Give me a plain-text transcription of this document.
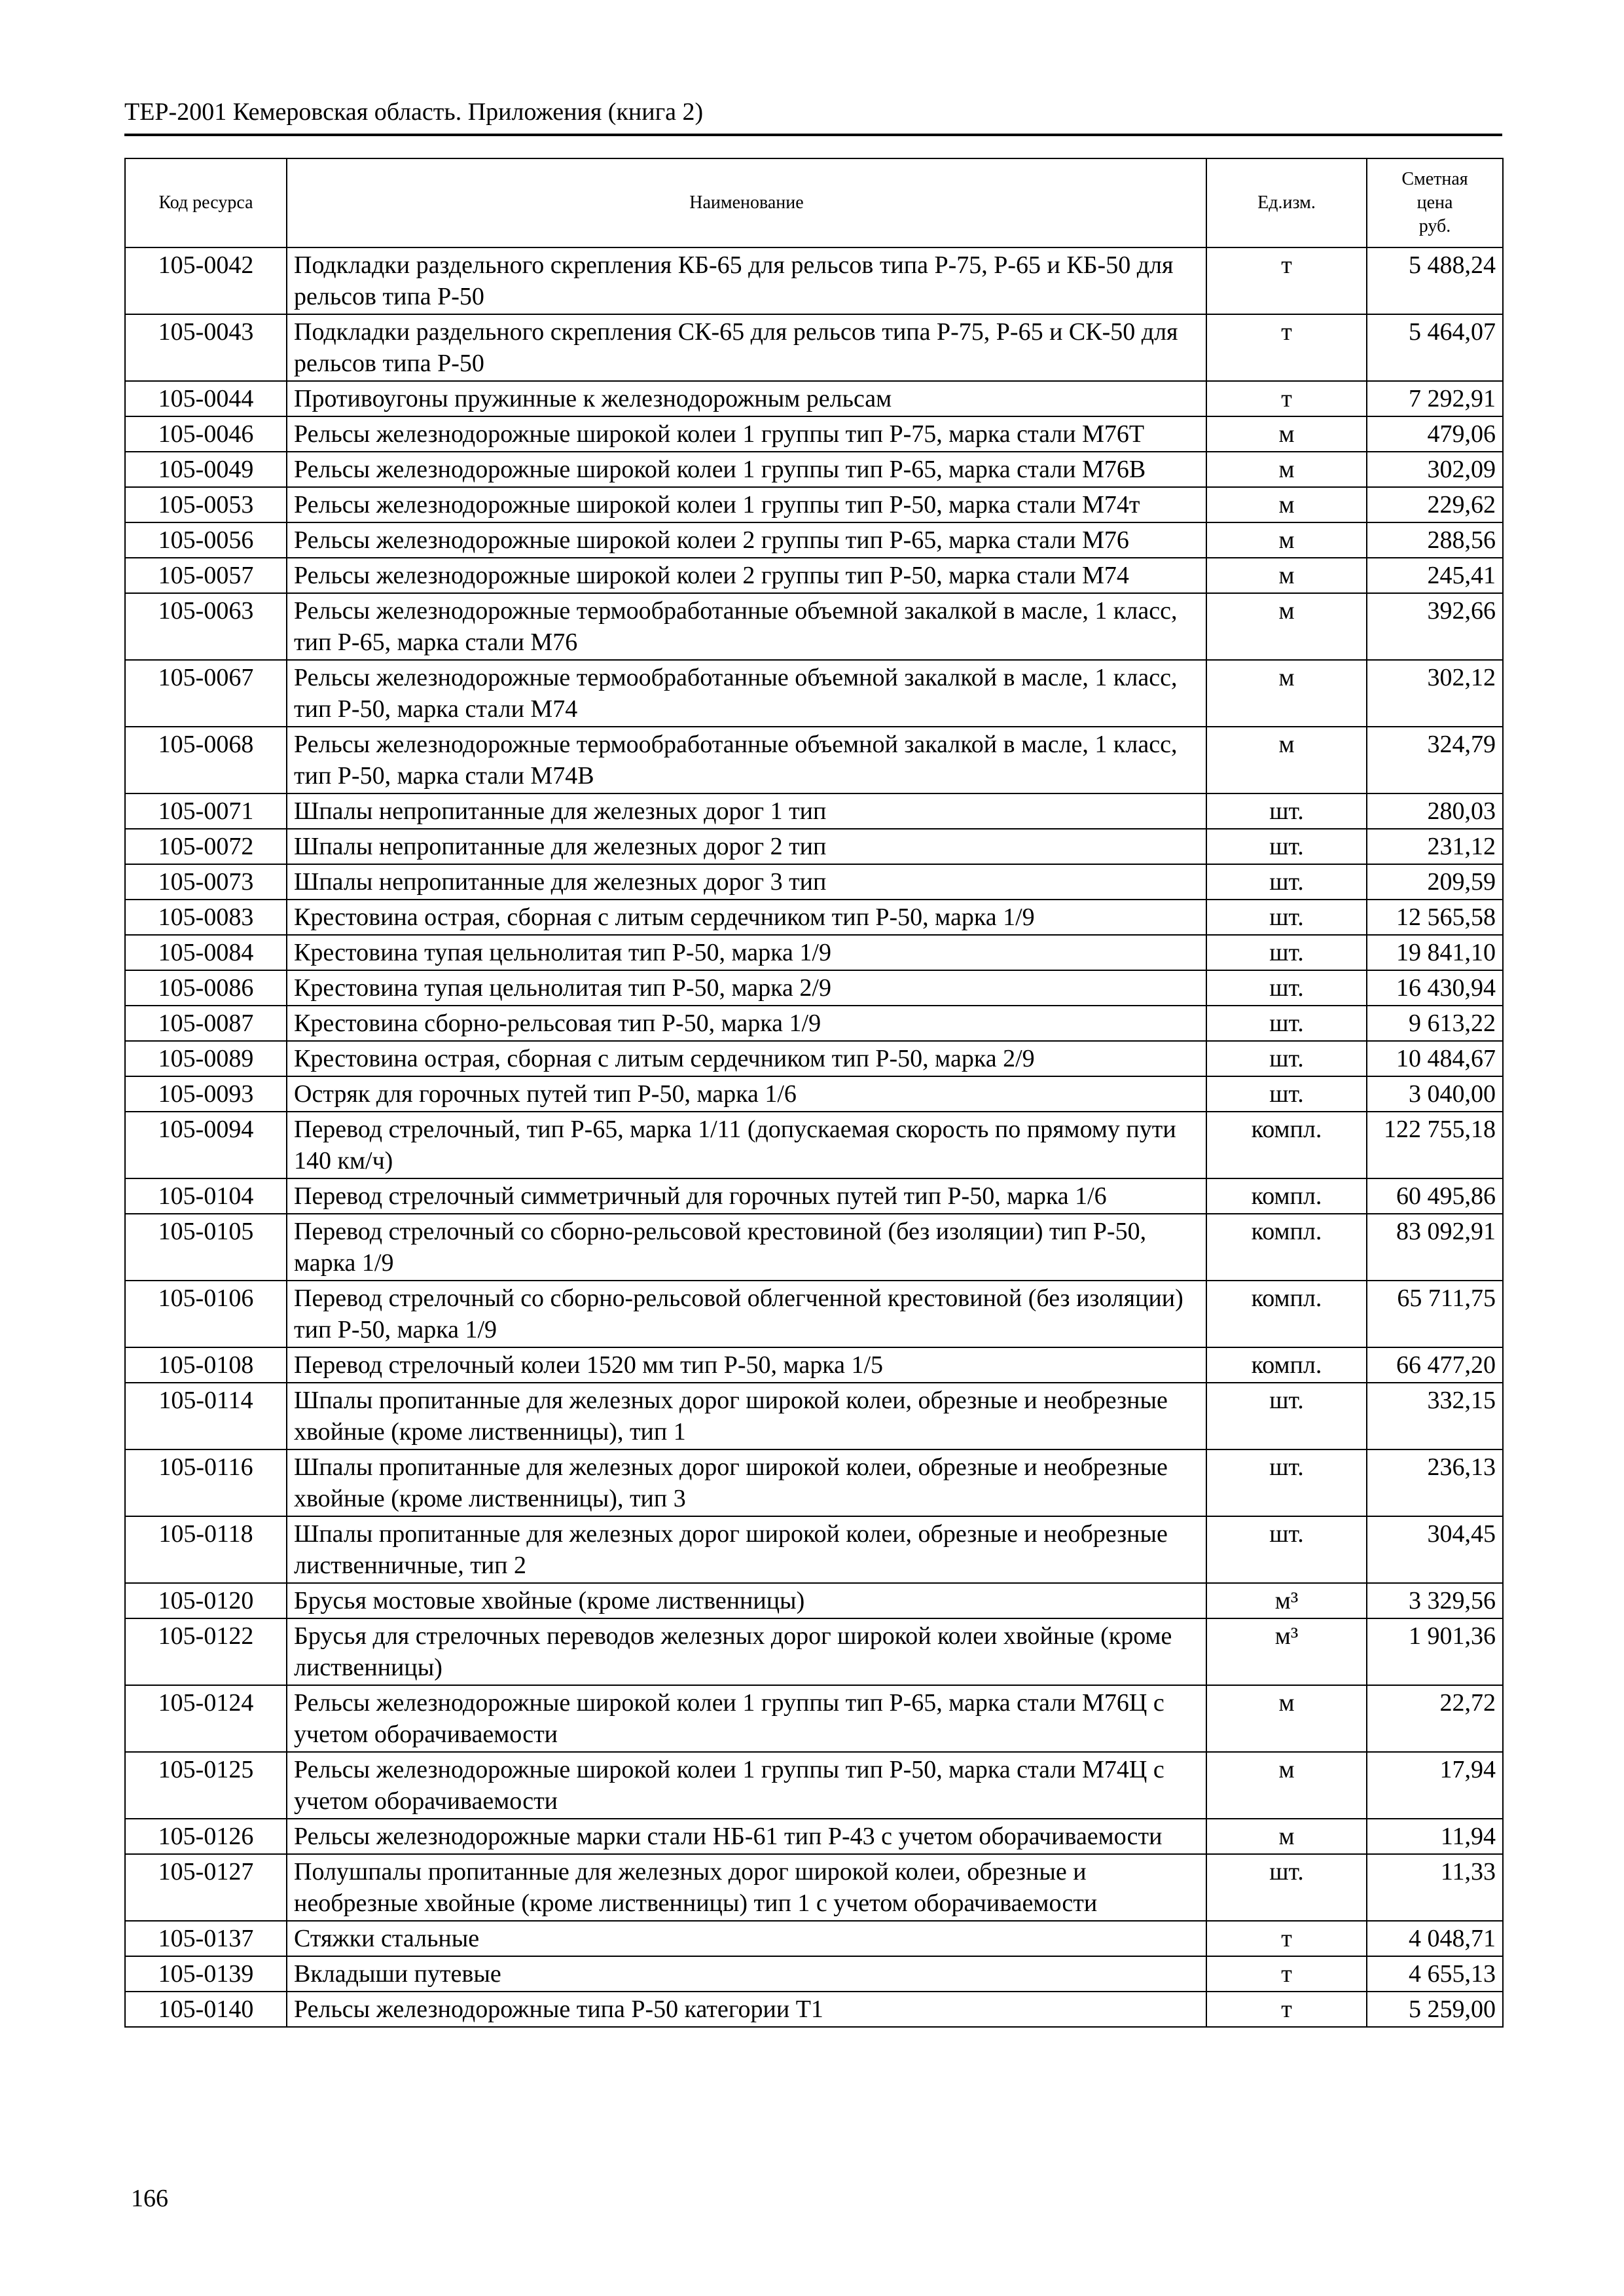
ТЕР-2001 Кемеровская область. Приложения (книга 2)
Код ресурса	Наименование	Ед.изм.	Сметная
цена
руб.
105-0042	Подкладки раздельного скрепления КБ-65 для рельсов типа Р-75, Р-65 и КБ-50 для рельсов типа Р-50	т	5 488,24
105-0043	Подкладки раздельного скрепления СК-65 для рельсов типа Р-75, Р-65 и СК-50 для рельсов типа Р-50	т	5 464,07
105-0044	Противоугоны пружинные к железнодорожным рельсам	т	7 292,91
105-0046	Рельсы железнодорожные широкой колеи 1 группы тип Р-75, марка стали М76Т	м	479,06
105-0049	Рельсы железнодорожные широкой колеи 1 группы тип Р-65, марка стали М76В	м	302,09
105-0053	Рельсы железнодорожные широкой колеи 1 группы тип Р-50, марка стали М74т	м	229,62
105-0056	Рельсы железнодорожные широкой колеи 2 группы тип Р-65, марка стали М76	м	288,56
105-0057	Рельсы железнодорожные широкой колеи 2 группы тип Р-50, марка стали М74	м	245,41
105-0063	Рельсы железнодорожные термообработанные объемной закалкой в масле, 1 класс, тип Р-65, марка стали М76	м	392,66
105-0067	Рельсы железнодорожные термообработанные объемной закалкой в масле, 1 класс, тип Р-50, марка стали М74	м	302,12
105-0068	Рельсы железнодорожные термообработанные объемной закалкой в масле, 1 класс, тип Р-50, марка стали М74В	м	324,79
105-0071	Шпалы непропитанные для железных дорог 1 тип	шт.	280,03
105-0072	Шпалы непропитанные для железных дорог 2 тип	шт.	231,12
105-0073	Шпалы непропитанные для железных дорог 3 тип	шт.	209,59
105-0083	Крестовина острая, сборная с литым сердечником тип Р-50, марка 1/9	шт.	12 565,58
105-0084	Крестовина тупая цельнолитая тип Р-50, марка 1/9	шт.	19 841,10
105-0086	Крестовина тупая цельнолитая тип Р-50, марка 2/9	шт.	16 430,94
105-0087	Крестовина сборно-рельсовая тип Р-50, марка 1/9	шт.	9 613,22
105-0089	Крестовина острая, сборная с литым сердечником тип Р-50, марка 2/9	шт.	10 484,67
105-0093	Остряк для горочных путей тип Р-50, марка 1/6	шт.	3 040,00
105-0094	Перевод стрелочный, тип Р-65, марка 1/11 (допускаемая скорость по прямому пути 140 км/ч)	компл.	122 755,18
105-0104	Перевод стрелочный симметричный для горочных путей тип Р-50, марка 1/6	компл.	60 495,86
105-0105	Перевод стрелочный со сборно-рельсовой крестовиной (без изоляции) тип Р-50, марка 1/9	компл.	83 092,91
105-0106	Перевод стрелочный со сборно-рельсовой облегченной крестовиной (без изоляции) тип Р-50, марка 1/9	компл.	65 711,75
105-0108	Перевод стрелочный колеи 1520 мм тип Р-50, марка 1/5	компл.	66 477,20
105-0114	Шпалы пропитанные для железных дорог широкой колеи, обрезные и необрезные хвойные (кроме лиственницы), тип 1	шт.	332,15
105-0116	Шпалы пропитанные для железных дорог широкой колеи, обрезные и необрезные хвойные (кроме лиственницы), тип 3	шт.	236,13
105-0118	Шпалы пропитанные для железных дорог широкой колеи, обрезные и необрезные лиственничные, тип 2	шт.	304,45
105-0120	Брусья мостовые хвойные (кроме лиственницы)	м³	3 329,56
105-0122	Брусья для стрелочных переводов железных дорог широкой колеи хвойные (кроме лиственницы)	м³	1 901,36
105-0124	Рельсы железнодорожные широкой колеи 1 группы тип Р-65, марка стали М76Ц с учетом оборачиваемости	м	22,72
105-0125	Рельсы железнодорожные широкой колеи 1 группы тип Р-50, марка стали М74Ц с учетом оборачиваемости	м	17,94
105-0126	Рельсы железнодорожные марки стали НБ-61 тип Р-43 с учетом оборачиваемости	м	11,94
105-0127	Полушпалы пропитанные для железных дорог широкой колеи, обрезные и необрезные хвойные (кроме лиственницы) тип 1 с учетом оборачиваемости	шт.	11,33
105-0137	Стяжки стальные	т	4 048,71
105-0139	Вкладыши путевые	т	4 655,13
105-0140	Рельсы железнодорожные типа Р-50 категории Т1	т	5 259,00
166
